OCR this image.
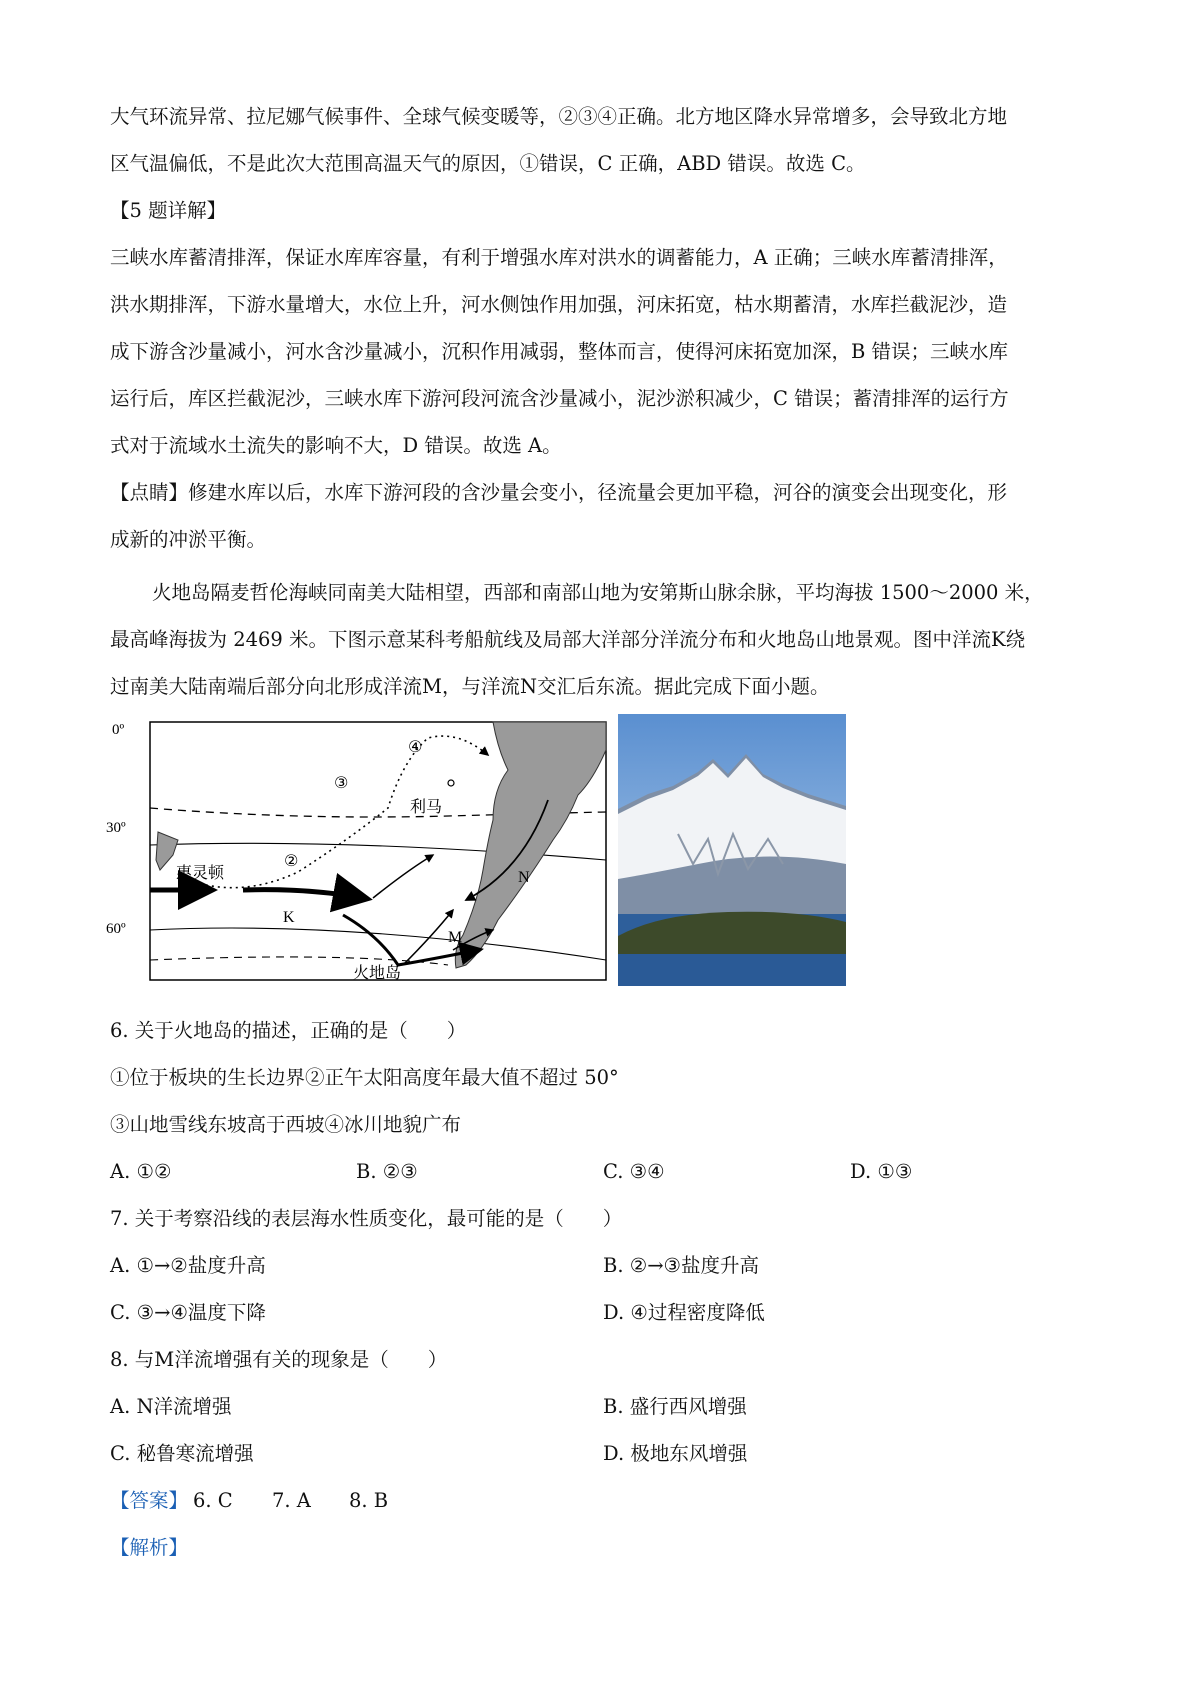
大气环流异常、拉尼娜气候事件、全球气候变暖等，②③④正确。北方地区降水异常增多，会导致北方地
区气温偏低，不是此次大范围高温天气的原因，①错误，C 正确，ABD 错误。故选 C。
【5 题详解】
三峡水库蓄清排浑，保证水库库容量，有利于增强水库对洪水的调蓄能力，A 正确；三峡水库蓄清排浑，
洪水期排浑，下游水量增大，水位上升，河水侧蚀作用加强，河床拓宽，枯水期蓄清，水库拦截泥沙，造
成下游含沙量减小，河水含沙量减小，沉积作用减弱，整体而言，使得河床拓宽加深，B 错误；三峡水库
运行后，库区拦截泥沙，三峡水库下游河段河流含沙量减小，泥沙淤积减少，C 错误；蓄清排浑的运行方
式对于流域水土流失的影响不大，D 错误。故选 A。
【点睛】修建水库以后，水库下游河段的含沙量会变小，径流量会更加平稳，河谷的演变会出现变化，形
成新的冲淤平衡。
火地岛隔麦哲伦海峡同南美大陆相望，西部和南部山地为安第斯山脉余脉，平均海拔 1500～2000 米，
最高峰海拔为 2469 米。下图示意某科考船航线及局部大洋部分洋流分布和火地岛山地景观。图中洋流K绕
过南美大陆南端后部分向北形成洋流M，与洋流N交汇后东流。据此完成下面小题。
0º
30º
60º
利马
惠灵顿
火地岛
K
M
N
①
②
③
④
6. 关于火地岛的描述，正确的是（　　）
①位于板块的生长边界②正午太阳高度年最大值不超过 50°
③山地雪线东坡高于西坡④冰川地貌广布
A. ①②	B. ②③	C. ③④	D. ①③
7. 关于考察沿线的表层海水性质变化，最可能的是（　　）
A. ①→②盐度升高	B. ②→③盐度升高
C. ③→④温度下降	D. ④过程密度降低
8. 与M洋流增强有关的现象是（　　）
A. N洋流增强	B. 盛行西风增强
C. 秘鲁寒流增强	D. 极地东风增强
【答案】 6. C 7. A 8. B
【解析】
